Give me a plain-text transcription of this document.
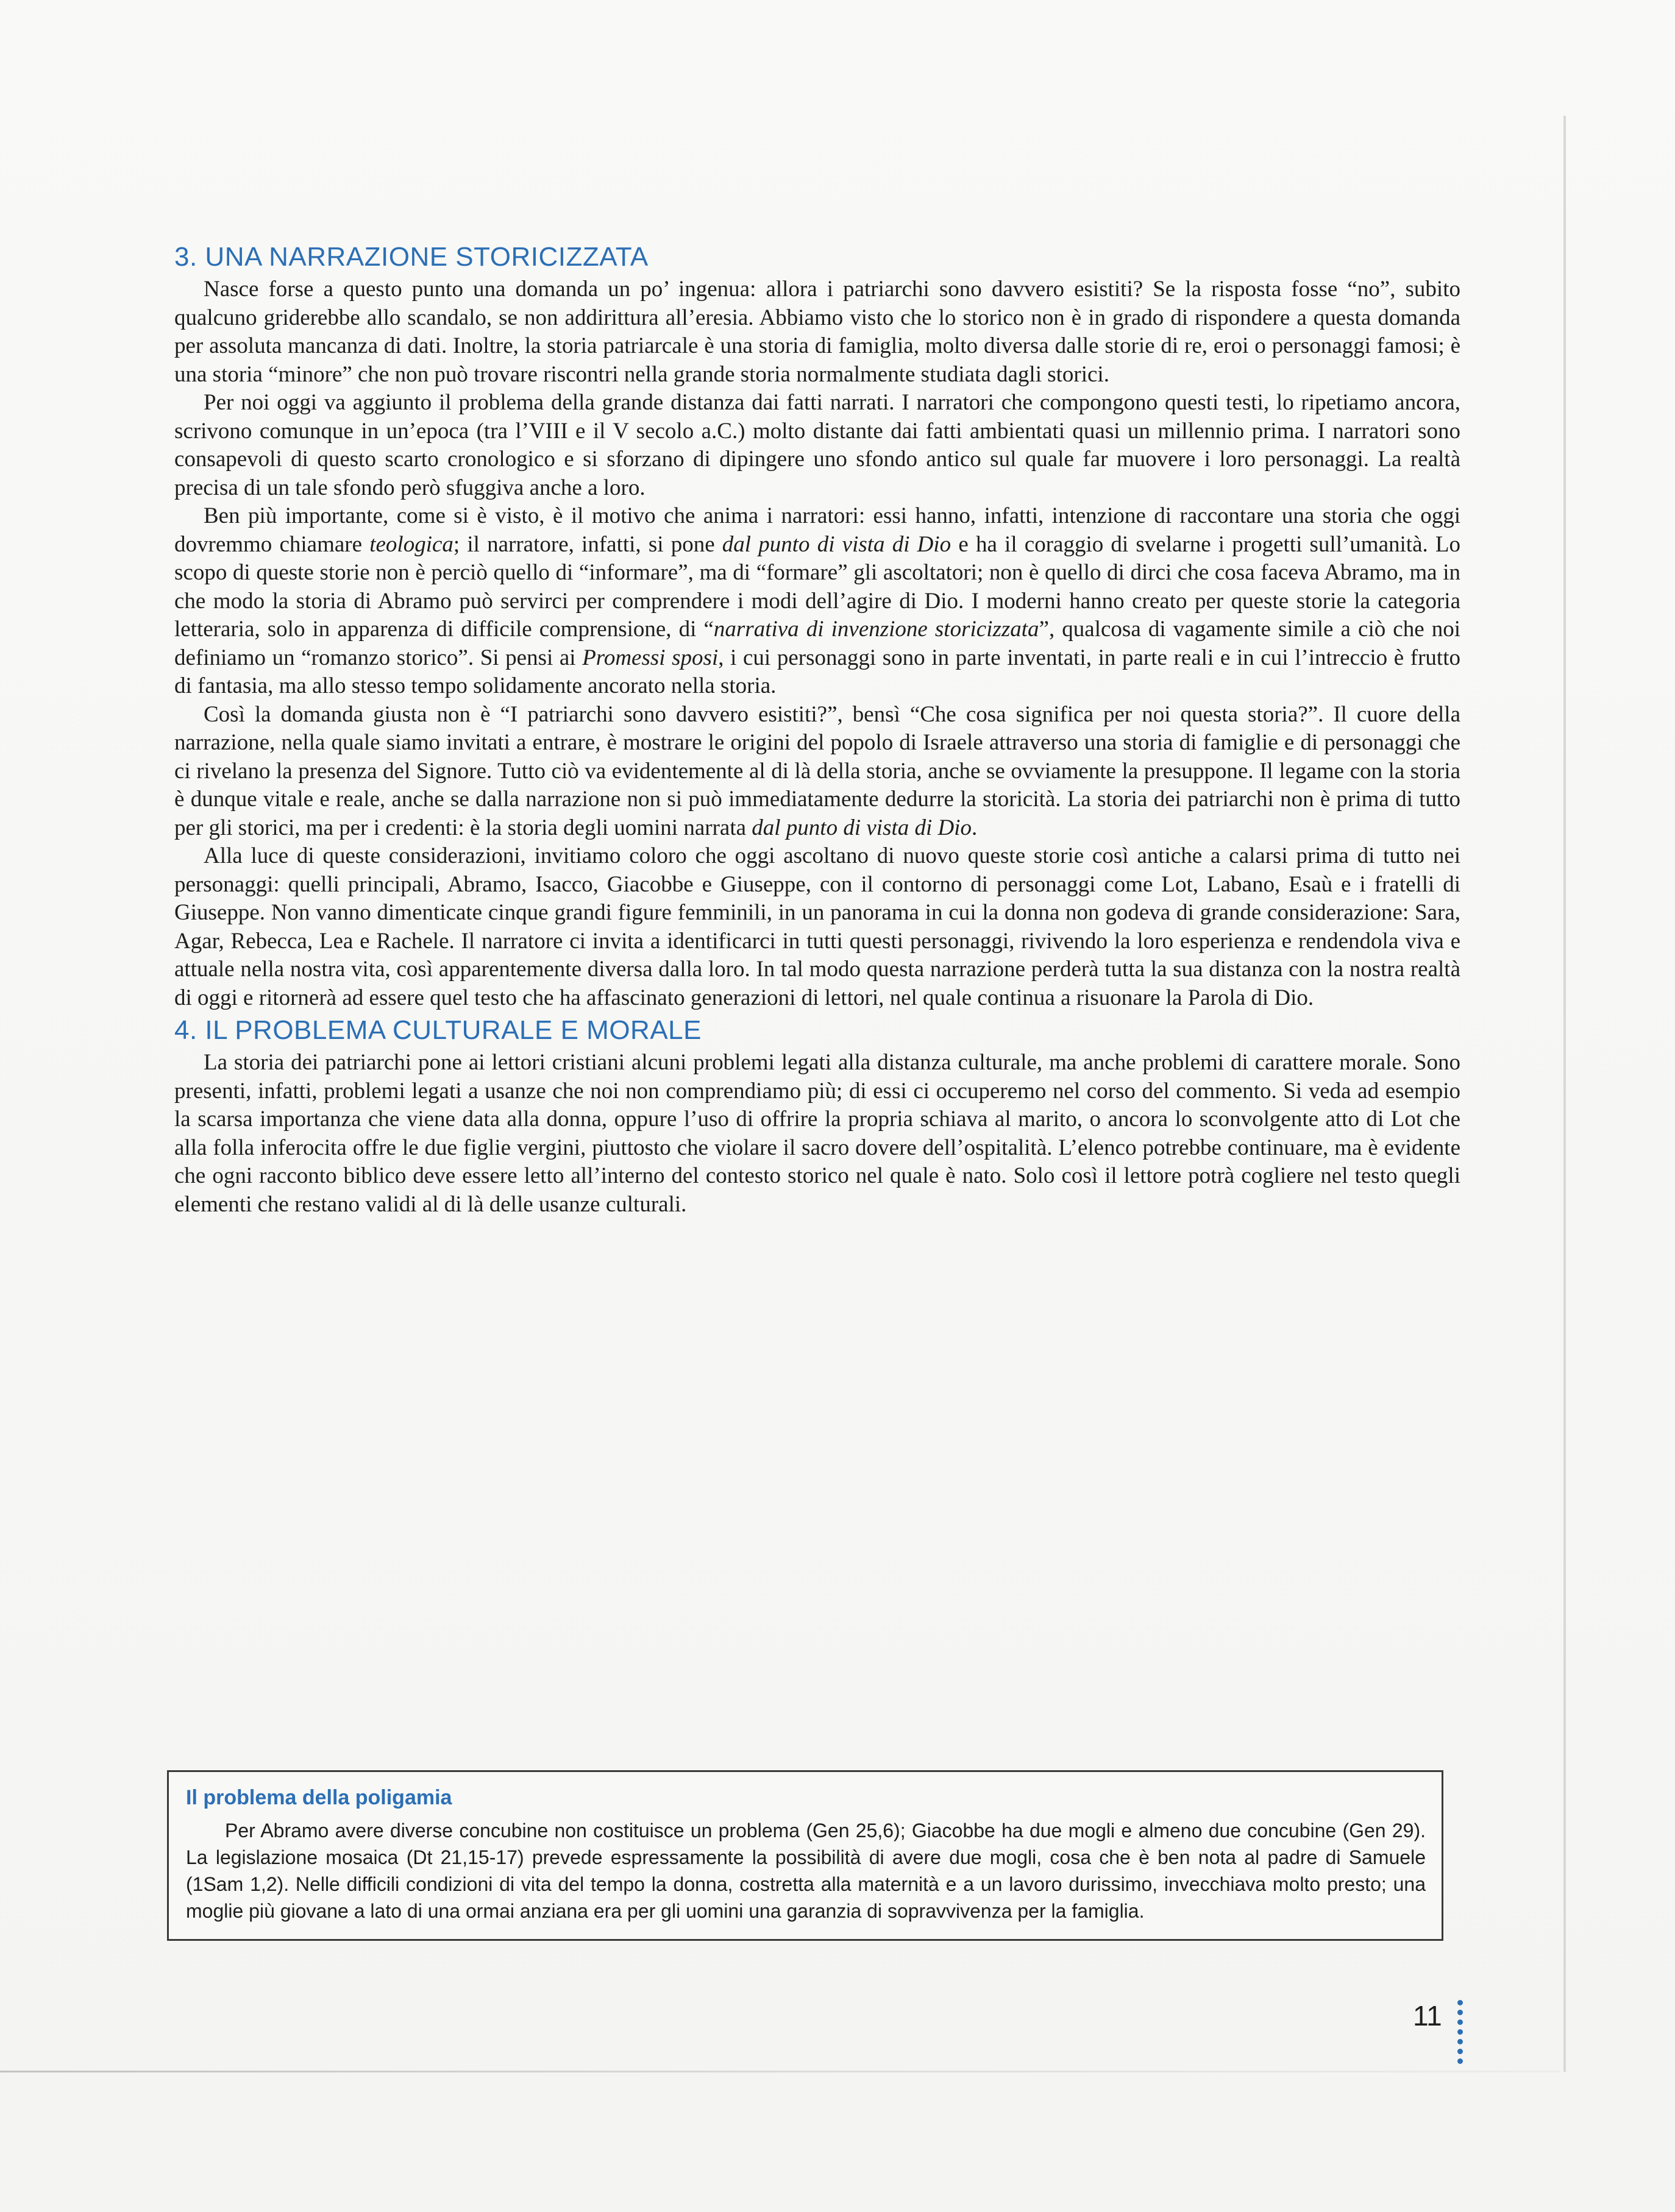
3. UNA NARRAZIONE STORICIZZATA

Nasce forse a questo punto una domanda un po’ ingenua: allora i patriarchi sono davvero esistiti? Se la risposta fosse “no”, subito qualcuno griderebbe allo scandalo, se non addirittura all’eresia. Abbiamo visto che lo storico non è in grado di rispondere a questa domanda per assoluta mancanza di dati. Inoltre, la storia patriarcale è una storia di famiglia, molto diversa dalle storie di re, eroi o personaggi famosi; è una storia “minore” che non può trovare riscontri nella grande storia normalmente studiata dagli storici.

Per noi oggi va aggiunto il problema della grande distanza dai fatti narrati. I narratori che compongono questi testi, lo ripetiamo ancora, scrivono comunque in un’epoca (tra l’VIII e il V secolo a.C.) molto distante dai fatti ambientati quasi un millennio prima. I narratori sono consapevoli di questo scarto cronologico e si sforzano di dipingere uno sfondo antico sul quale far muovere i loro personaggi. La realtà precisa di un tale sfondo però sfuggiva anche a loro.

Ben più importante, come si è visto, è il motivo che anima i narratori: essi hanno, infatti, intenzione di raccontare una storia che oggi dovremmo chiamare teologica; il narratore, infatti, si pone dal punto di vista di Dio e ha il coraggio di svelarne i progetti sull’umanità. Lo scopo di queste storie non è perciò quello di “informare”, ma di “formare” gli ascoltatori; non è quello di dirci che cosa faceva Abramo, ma in che modo la storia di Abramo può servirci per comprendere i modi dell’agire di Dio. I moderni hanno creato per queste storie la categoria letteraria, solo in apparenza di difficile comprensione, di “narrativa di invenzione storicizzata”, qualcosa di vagamente simile a ciò che noi definiamo un “romanzo storico”. Si pensi ai Promessi sposi, i cui personaggi sono in parte inventati, in parte reali e in cui l’intreccio è frutto di fantasia, ma allo stesso tempo solidamente ancorato nella storia.

Così la domanda giusta non è “I patriarchi sono davvero esistiti?”, bensì “Che cosa significa per noi questa storia?”. Il cuore della narrazione, nella quale siamo invitati a entrare, è mostrare le origini del popolo di Israele attraverso una storia di famiglie e di personaggi che ci rivelano la presenza del Signore. Tutto ciò va evidentemente al di là della storia, anche se ovviamente la presuppone. Il legame con la storia è dunque vitale e reale, anche se dalla narrazione non si può immediatamente dedurre la storicità. La storia dei patriarchi non è prima di tutto per gli storici, ma per i credenti: è la storia degli uomini narrata dal punto di vista di Dio.

Alla luce di queste considerazioni, invitiamo coloro che oggi ascoltano di nuovo queste storie così antiche a calarsi prima di tutto nei personaggi: quelli principali, Abramo, Isacco, Giacobbe e Giuseppe, con il contorno di personaggi come Lot, Labano, Esaù e i fratelli di Giuseppe. Non vanno dimenticate cinque grandi figure femminili, in un panorama in cui la donna non godeva di grande considerazione: Sara, Agar, Rebecca, Lea e Rachele. Il narratore ci invita a identificarci in tutti questi personaggi, rivivendo la loro esperienza e rendendola viva e attuale nella nostra vita, così apparentemente diversa dalla loro. In tal modo questa narrazione perderà tutta la sua distanza con la nostra realtà di oggi e ritornerà ad essere quel testo che ha affascinato generazioni di lettori, nel quale continua a risuonare la Parola di Dio.

4. IL PROBLEMA CULTURALE E MORALE

La storia dei patriarchi pone ai lettori cristiani alcuni problemi legati alla distanza culturale, ma anche problemi di carattere morale. Sono presenti, infatti, problemi legati a usanze che noi non comprendiamo più; di essi ci occuperemo nel corso del commento. Si veda ad esempio la scarsa importanza che viene data alla donna, oppure l’uso di offrire la propria schiava al marito, o ancora lo sconvolgente atto di Lot che alla folla inferocita offre le due figlie vergini, piuttosto che violare il sacro dovere dell’ospitalità. L’elenco potrebbe continuare, ma è evidente che ogni racconto biblico deve essere letto all’interno del contesto storico nel quale è nato. Solo così il lettore potrà cogliere nel testo quegli elementi che restano validi al di là delle usanze culturali.

Il problema della poligamia

Per Abramo avere diverse concubine non costituisce un problema (Gen 25,6); Giacobbe ha due mogli e almeno due concubine (Gen 29). La legislazione mosaica (Dt 21,15-17) prevede espressamente la possibilità di avere due mogli, cosa che è ben nota al padre di Samuele (1Sam 1,2). Nelle difficili condizioni di vita del tempo la donna, costretta alla maternità e a un lavoro durissimo, invecchiava molto presto; una moglie più giovane a lato di una ormai anziana era per gli uomini una garanzia di sopravvivenza per la famiglia.

11
